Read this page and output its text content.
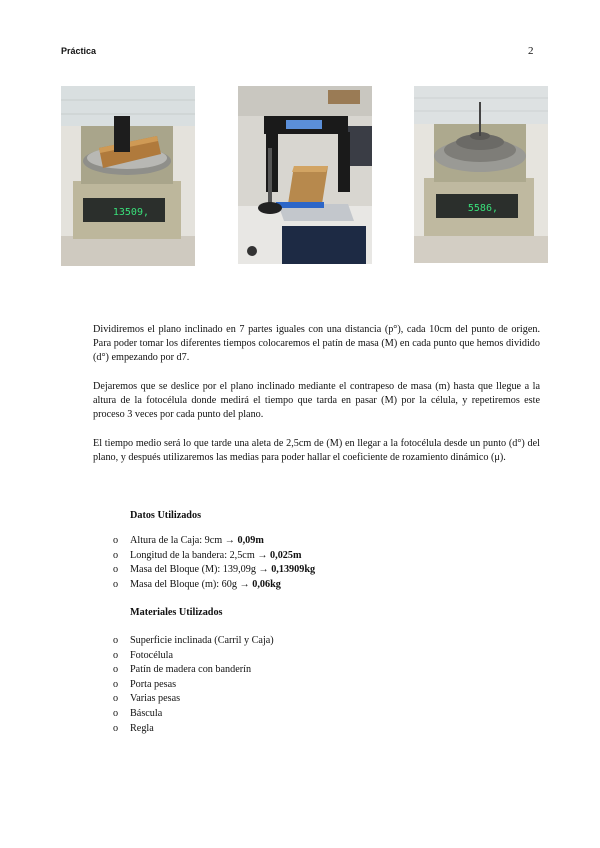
Práctica	2
13509,	5586,

Dividiremos el plano inclinado en 7 partes iguales con una distancia (p°), cada 10cm del punto de origen. Para poder tomar los diferentes tiempos colocaremos el patín de masa (M) en cada punto que hemos dividido (d°) empezando por d7.

Dejaremos que se deslice por el plano inclinado mediante el contrapeso de masa (m) hasta que llegue a la altura de la fotocélula donde medirá el tiempo que tarda en pasar (M) por la célula, y repetiremos este proceso 3 veces por cada punto del plano.

El tiempo medio será lo que tarde una aleta de 2,5cm de (M) en llegar a la fotocélula desde un punto (d°) del plano, y después utilizaremos las medias para poder hallar el coeficiente de rozamiento dinámico (μ).

Datos Utilizados
o Altura de la Caja: 9cm → 0,09m
o Longitud de la bandera: 2,5cm → 0,025m
o Masa del Bloque (M): 139,09g → 0,13909kg
o Masa del Bloque (m): 60g → 0,06kg
Materiales Utilizados
o Superficie inclinada (Carril y Caja)
o Fotocélula
o Patín de madera con banderín
o Porta pesas
o Varias pesas
o Báscula
o Regla
